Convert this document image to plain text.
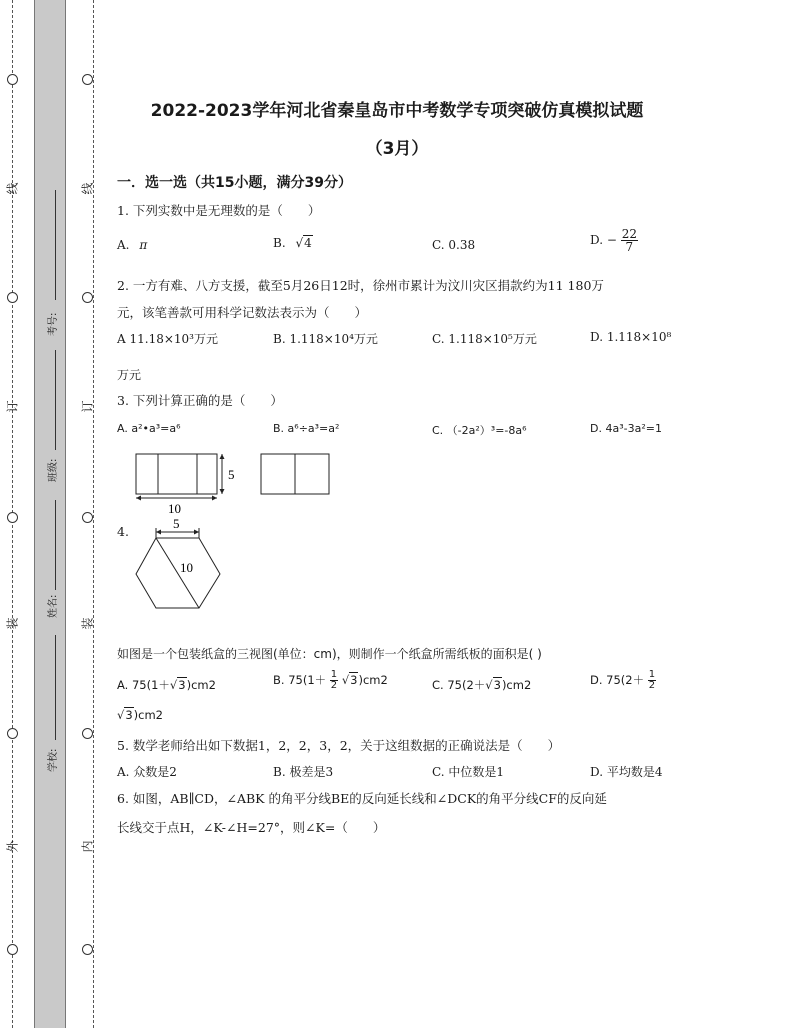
线
订
装
外
线
订
装
内
考号:
班级:
姓名:
学校:
2022-2023学年河北省秦皇岛市中考数学专项突破仿真模拟试题
（3月）
一．选一选（共15小题，满分39分）
1. 下列实数中是无理数的是（　　）
A. π	B. √4	C. 0.38	D. − $\frac{22}{7}$
2. 一方有难、八方支援，截至5月26日12时，徐州市累计为汶川灾区捐款约为11 180万
元，该笔善款可用科学记数法表示为（　　）
A 11.18×10³万元	B. 1.118×10⁴万元	C. 1.118×10⁵万元	D. 1.118×10⁸
万元
3. 下列计算正确的是（　　）
A. a²•a³=a⁶	B. a⁶÷a³=a²	C. （-2a²）³=-8a⁶	D. 4a³-3a²=1
5
10
5
10
4.
如图是一个包装纸盒的三视图(单位：cm)，则制作一个纸盒所需纸板的面积是( )
A. 75(1＋√3)cm2	B. $75(1+ \frac{1}{2} √3)cm2$	C. 75(2＋√3)cm2	D. $75(2+ \frac{1}{2}$
√3)cm2
5. 数学老师给出如下数据1，2，2，3，2，关于这组数据的正确说法是（　　）
A. 众数是2	B. 极差是3	C. 中位数是1	D. 平均数是4
6. 如图，AB∥CD，∠ABK 的角平分线BE的反向延长线和∠DCK的角平分线CF的反向延
长线交于点H，∠K-∠H=27°，则∠K=（　　）
